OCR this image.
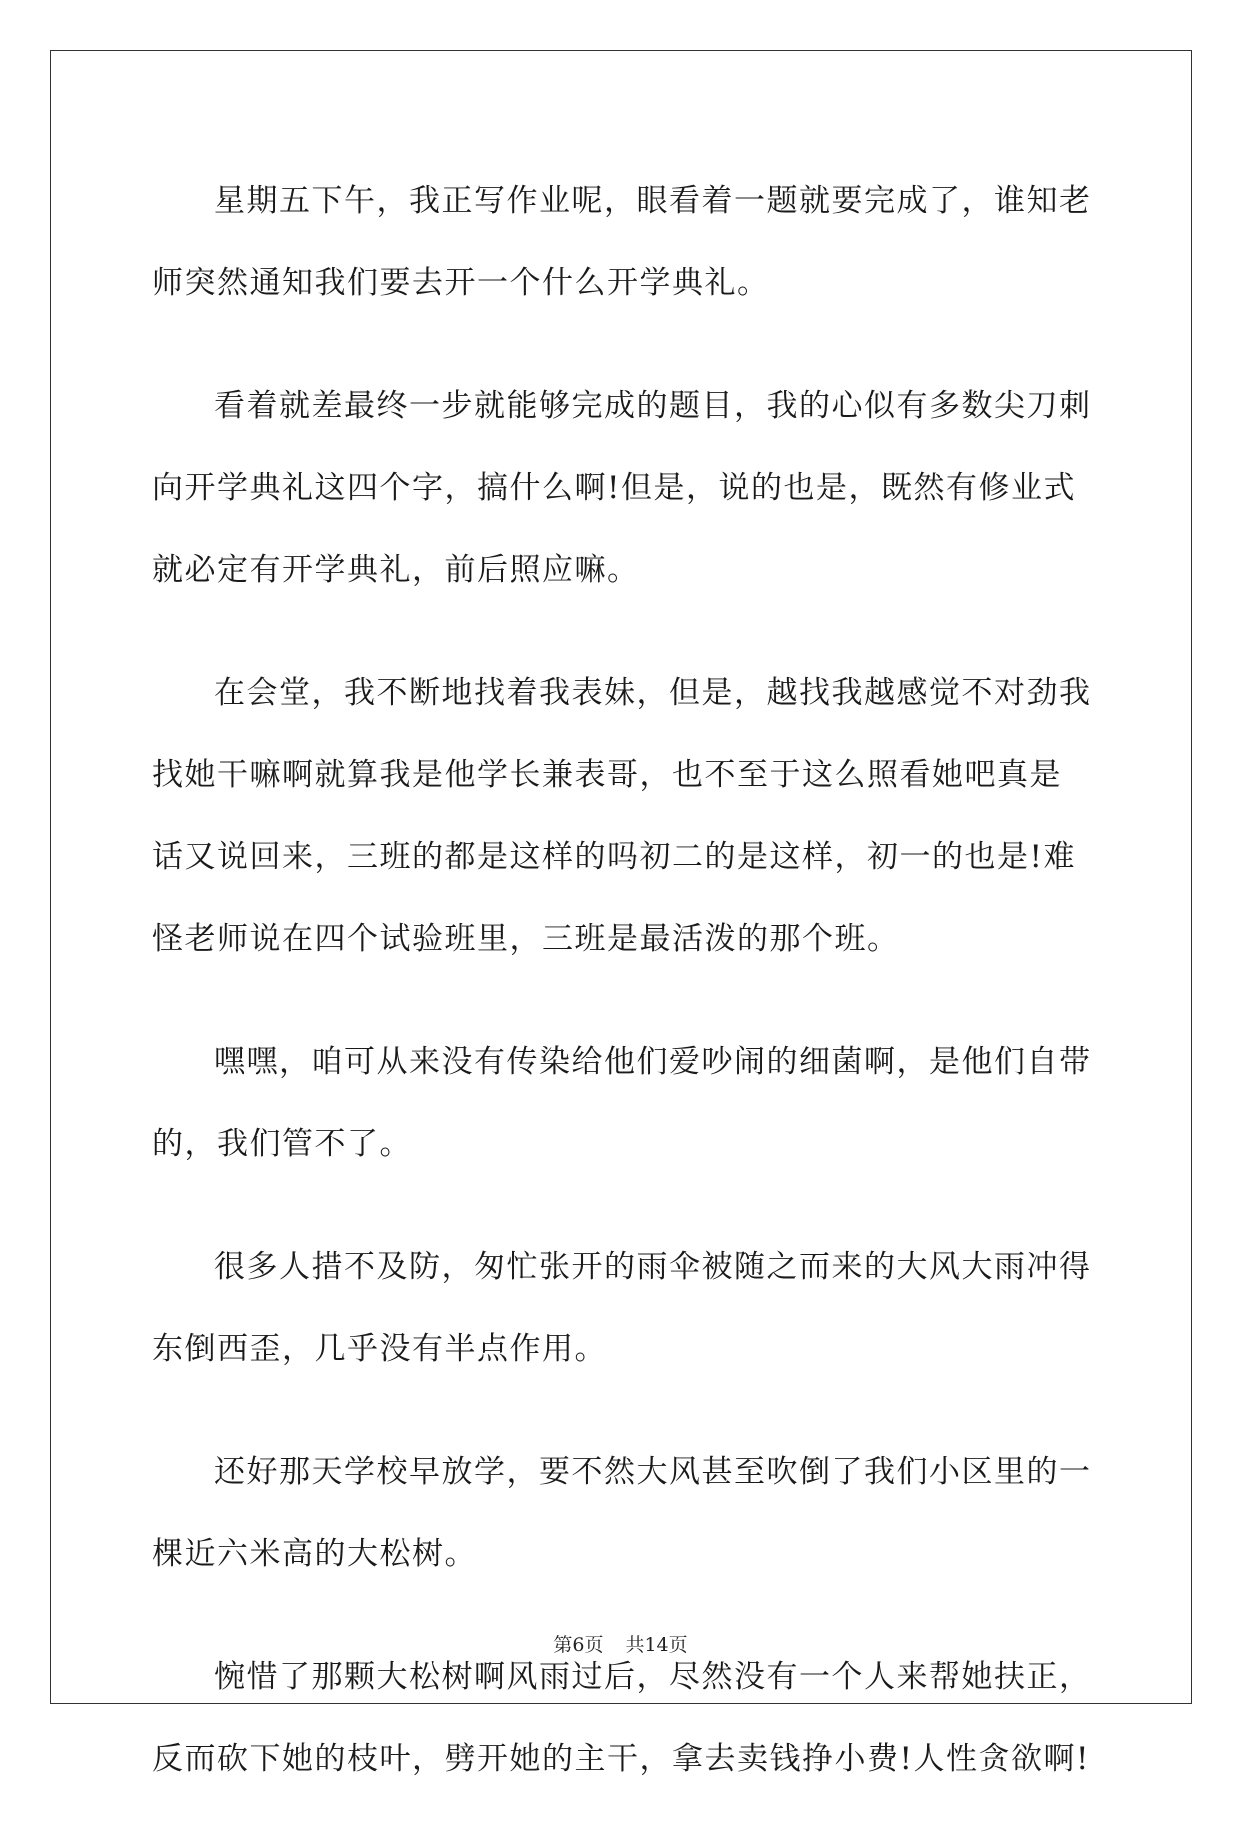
星期五下午，我正写作业呢，眼看着一题就要完成了，谁知老师突然通知我们要去开一个什么开学典礼。

看着就差最终一步就能够完成的题目，我的心似有多数尖刀刺向开学典礼这四个字，搞什么啊!但是，说的也是，既然有修业式就必定有开学典礼，前后照应嘛。

在会堂，我不断地找着我表妹，但是，越找我越感觉不对劲我找她干嘛啊就算我是他学长兼表哥，也不至于这么照看她吧真是话又说回来，三班的都是这样的吗初二的是这样，初一的也是!难怪老师说在四个试验班里，三班是最活泼的那个班。

嘿嘿，咱可从来没有传染给他们爱吵闹的细菌啊，是他们自带的，我们管不了。

很多人措不及防，匆忙张开的雨伞被随之而来的大风大雨冲得东倒西歪，几乎没有半点作用。

还好那天学校早放学，要不然大风甚至吹倒了我们小区里的一棵近六米高的大松树。

惋惜了那颗大松树啊风雨过后，尽然没有一个人来帮她扶正，反而砍下她的枝叶，劈开她的主干，拿去卖钱挣小费!人性贪欲啊!

第6页 共14页
